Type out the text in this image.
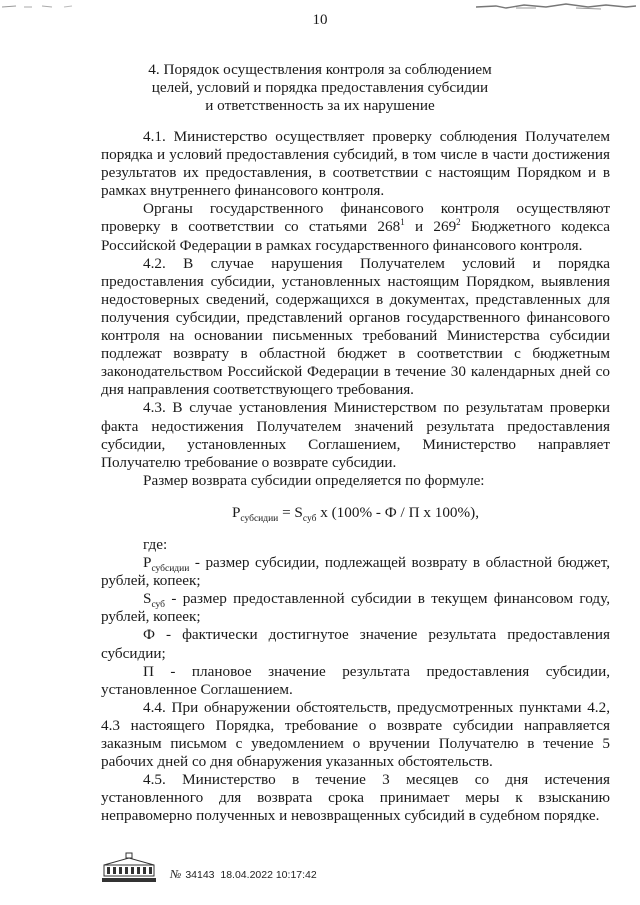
10
4. Порядок осуществления контроля за соблюдением
целей, условий и порядка предоставления субсидии
и ответственность за их нарушение

4.1. Министерство осуществляет проверку соблюдения Получателем порядка и условий предоставления субсидий, в том числе в части достижения результатов их предоставления, в соответствии с настоящим Порядком и в рамках внутреннего финансового контроля.

Органы государственного финансового контроля осуществляют проверку в соответствии со статьями $268^1$ и $269^2$ Бюджетного кодекса Российской Федерации в рамках государственного финансового контроля.

4.2. В случае нарушения Получателем условий и порядка предоставления субсидии, установленных настоящим Порядком, выявления недостоверных сведений, содержащихся в документах, представленных для получения субсидии, представлений органов государственного финансового контроля на основании письменных требований Министерства субсидии подлежат возврату в областной бюджет в соответствии с бюджетным законодательством Российской Федерации в течение 30 календарных дней со дня направления соответствующего требования.

4.3. В случае установления Министерством по результатам проверки факта недостижения Получателем значений результата предоставления субсидии, установленных Соглашением, Министерство направляет Получателю требование о возврате субсидии.

Размер возврата субсидии определяется по формуле:

$Р_{субсидии} = S_{суб}$ х (100% - Ф / П х 100%),

где:

$Р_{субсидии}$ - размер субсидии, подлежащей возврату в областной бюджет, рублей, копеек;

$S_{суб}$ - размер предоставленной субсидии в текущем финансовом году, рублей, копеек;

Ф - фактически достигнутое значение результата предоставления субсидии;

П - плановое значение результата предоставления субсидии, установленное Соглашением.

4.4. При обнаружении обстоятельств, предусмотренных пунктами 4.2, 4.3 настоящего Порядка, требование о возврате субсидии направляется заказным письмом с уведомлением о вручении Получателю в течение 5 рабочих дней со дня обнаружения указанных обстоятельств.

4.5. Министерство в течение 3 месяцев со дня истечения установленного для возврата срока принимает меры к взысканию неправомерно полученных и невозвращенных субсидий в судебном порядке.

№ 34143 18.04.2022 10:17:42
